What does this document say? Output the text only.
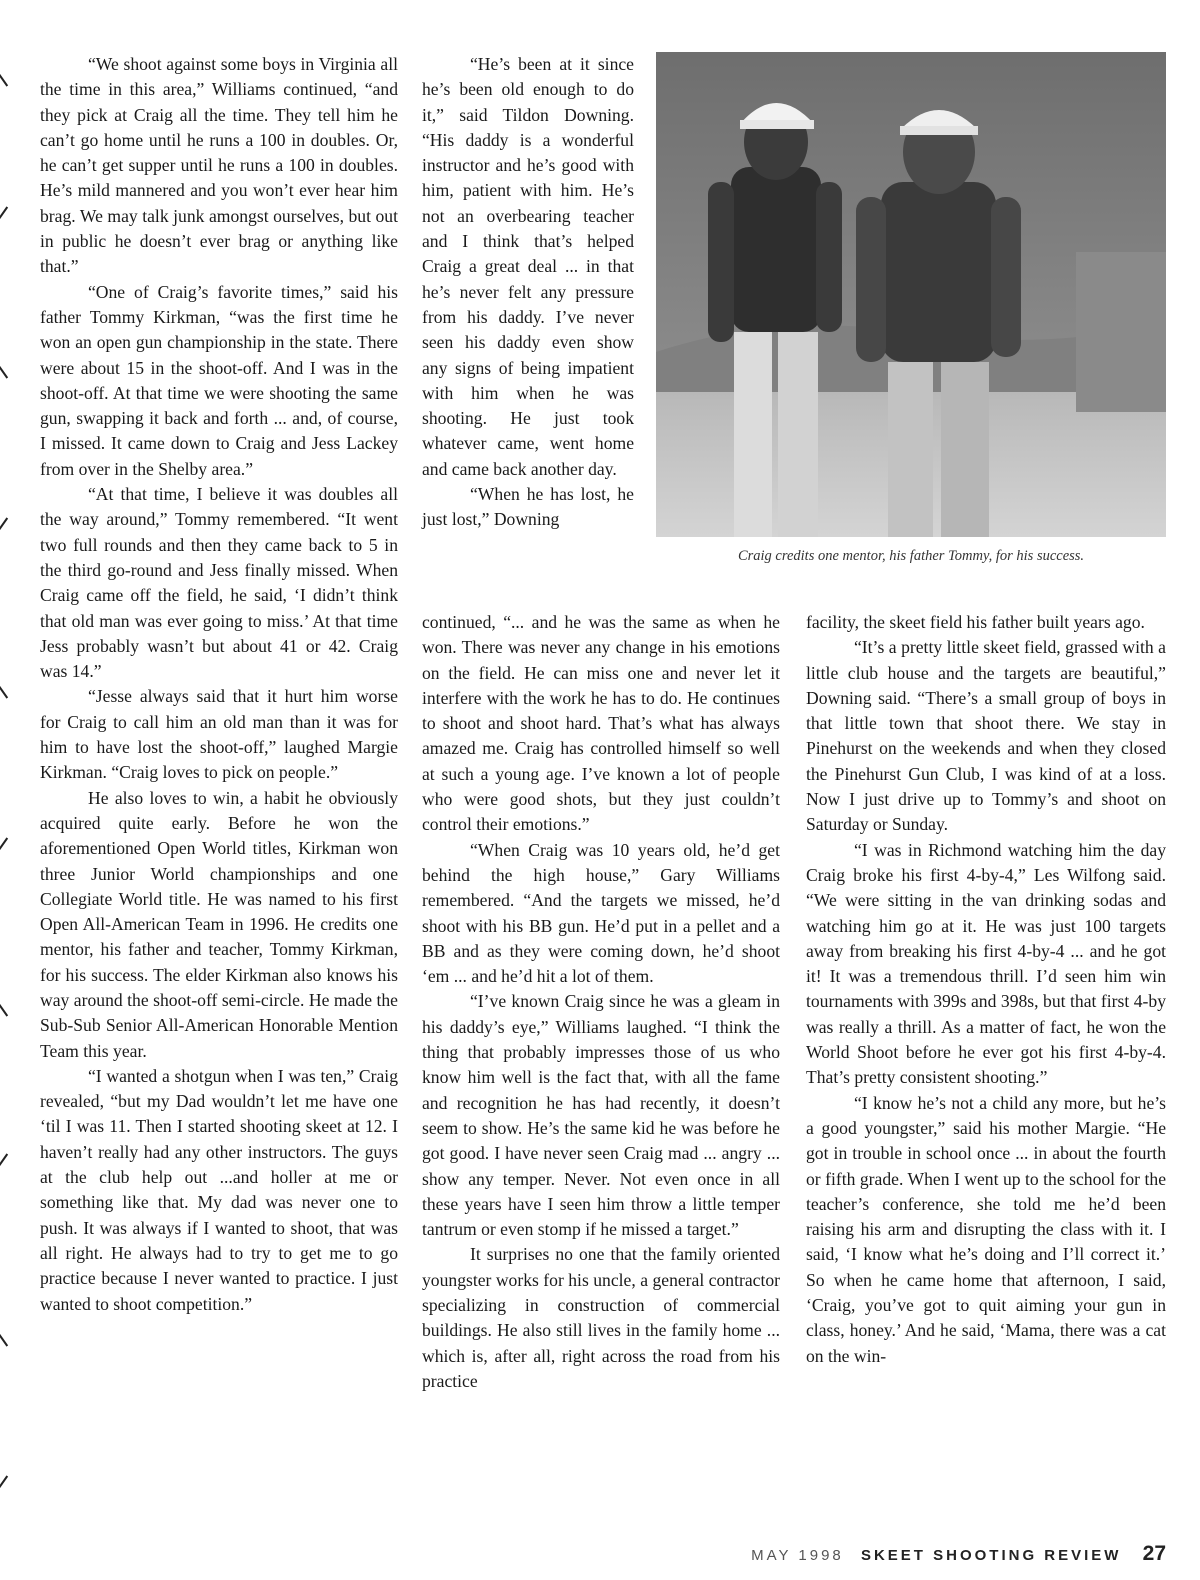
“We shoot against some boys in Virginia all the time in this area,” Williams continued, “and they pick at Craig all the time. They tell him he can’t go home until he runs a 100 in doubles. Or, he can’t get supper until he runs a 100 in doubles. He’s mild mannered and you won’t ever hear him brag. We may talk junk amongst ourselves, but out in public he doesn’t ever brag or anything like that.”

“One of Craig’s favorite times,” said his father Tommy Kirkman, “was the first time he won an open gun championship in the state. There were about 15 in the shoot-off. And I was in the shoot-off. At that time we were shooting the same gun, swapping it back and forth ... and, of course, I missed. It came down to Craig and Jess Lackey from over in the Shelby area.”

“At that time, I believe it was doubles all the way around,” Tommy remembered. “It went two full rounds and then they came back to 5 in the third go-round and Jess finally missed. When Craig came off the field, he said, ‘I didn’t think that old man was ever going to miss.’ At that time Jess probably wasn’t but about 41 or 42. Craig was 14.”

“Jesse always said that it hurt him worse for Craig to call him an old man than it was for him to have lost the shoot-off,” laughed Margie Kirkman. “Craig loves to pick on people.”

He also loves to win, a habit he obviously acquired quite early. Before he won the aforementioned Open World titles, Kirkman won three Junior World championships and one Collegiate World title. He was named to his first Open All-American Team in 1996. He credits one mentor, his father and teacher, Tommy Kirkman, for his success. The elder Kirkman also knows his way around the shoot-off semi-circle. He made the Sub-Sub Senior All-American Honorable Mention Team this year.

“I wanted a shotgun when I was ten,” Craig revealed, “but my Dad wouldn’t let me have one ‘til I was 11. Then I started shooting skeet at 12. I haven’t really had any other instructors. The guys at the club help out ...and holler at me or something like that. My dad was never one to push. It was always if I wanted to shoot, that was all right. He always had to try to get me to go practice because I never wanted to practice. I just wanted to shoot competition.”

“He’s been at it since he’s been old enough to do it,” said Tildon Downing. “His daddy is a wonderful instructor and he’s good with him, patient with him. He’s not an overbearing teacher and I think that’s helped Craig a great deal ... in that he’s never felt any pressure from his daddy. I’ve never seen his daddy even show any signs of being impatient with him when he was shooting. He just took whatever came, went home and came back another day.

“When he has lost, he just lost,” Downing

Craig credits one mentor, his father Tommy, for his success.

continued, “... and he was the same as when he won. There was never any change in his emotions on the field. He can miss one and never let it interfere with the work he has to do. He continues to shoot and shoot hard. That’s what has always amazed me. Craig has controlled himself so well at such a young age. I’ve known a lot of people who were good shots, but they just couldn’t control their emotions.”

“When Craig was 10 years old, he’d get behind the high house,” Gary Williams remembered. “And the targets we missed, he’d shoot with his BB gun. He’d put in a pellet and a BB and as they were coming down, he’d shoot ‘em ... and he’d hit a lot of them.

“I’ve known Craig since he was a gleam in his daddy’s eye,” Williams laughed. “I think the thing that probably impresses those of us who know him well is the fact that, with all the fame and recognition he has had recently, it doesn’t seem to show. He’s the same kid he was before he got good. I have never seen Craig mad ... angry ... show any temper. Never. Not even once in all these years have I seen him throw a little temper tantrum or even stomp if he missed a target.”

It surprises no one that the family oriented youngster works for his uncle, a general contractor specializing in construction of commercial buildings. He also still lives in the family home ... which is, after all, right across the road from his practice

facility, the skeet field his father built years ago.

“It’s a pretty little skeet field, grassed with a little club house and the targets are beautiful,” Downing said. “There’s a small group of boys in that little town that shoot there. We stay in Pinehurst on the weekends and when they closed the Pinehurst Gun Club, I was kind of at a loss. Now I just drive up to Tommy’s and shoot on Saturday or Sunday.

“I was in Richmond watching him the day Craig broke his first 4-by-4,” Les Wilfong said. “We were sitting in the van drinking sodas and watching him go at it. He was just 100 targets away from breaking his first 4-by-4 ... and he got it! It was a tremendous thrill. I’d seen him win tournaments with 399s and 398s, but that first 4-by was really a thrill. As a matter of fact, he won the World Shoot before he ever got his first 4-by-4. That’s pretty consistent shooting.”

“I know he’s not a child any more, but he’s a good youngster,” said his mother Margie. “He got in trouble in school once ... in about the fourth or fifth grade. When I went up to the school for the teacher’s conference, she told me he’d been raising his arm and disrupting the class with it. I said, ‘I know what he’s doing and I’ll correct it.’ So when he came home that afternoon, I said, ‘Craig, you’ve got to quit aiming your gun in class, honey.’ And he said, ‘Mama, there was a cat on the win-

MAY 1998 SKEET SHOOTING REVIEW 27
